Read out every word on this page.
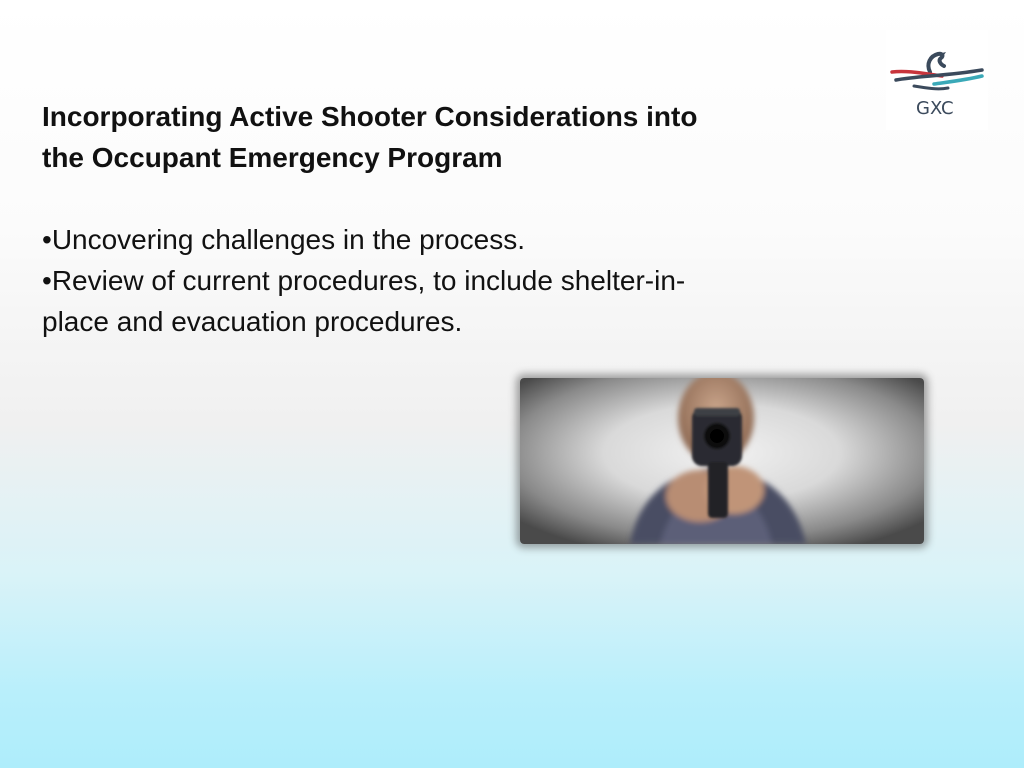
GXC
Incorporating Active Shooter Considerations into
the Occupant Emergency Program
•Uncovering challenges in the process.
•Review of current procedures, to include shelter-in-
place and evacuation procedures.
